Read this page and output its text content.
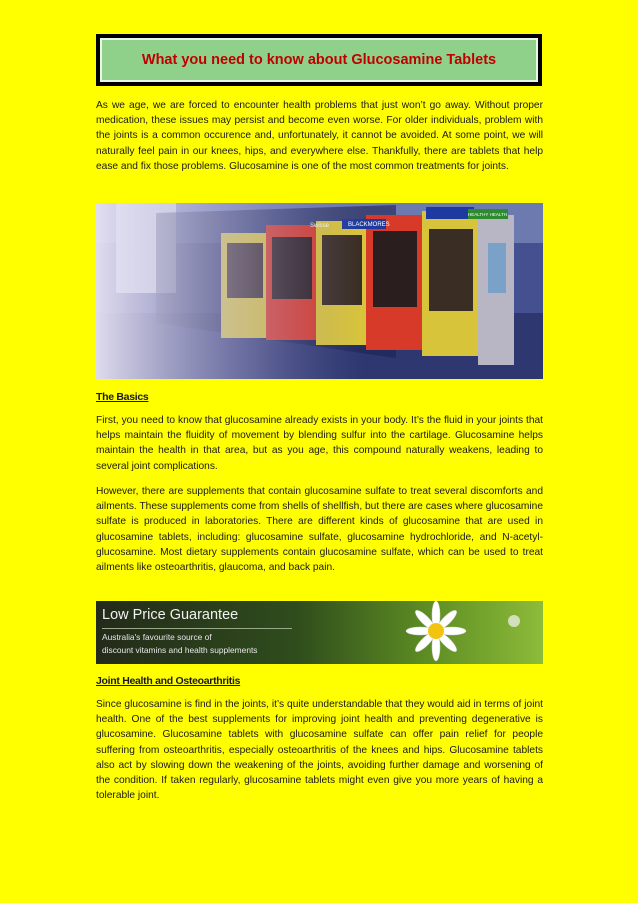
What you need to know about Glucosamine Tablets

As we age, we are forced to encounter health problems that just won’t go away. Without proper medication, these issues may persist and become even worse. For older individuals, problem with the joints is a common occurence and, unfortunately, it cannot be avoided. At some point, we will naturally feel pain in our knees, hips, and everywhere else. Thankfully, there are tablets that help ease and fix those problems. Glucosamine is one of the most common treatments for joints.

The Basics

First, you need to know that glucosamine already exists in your body. It’s the fluid in your joints that helps maintain the fluidity of movement by blending sulfur into the cartilage. Glucosamine helps maintain the health in that area, but as you age, this compound naturally weakens, leading to several joint complications.

However, there are supplements that contain glucosamine sulfate to treat several discomforts and ailments. These supplements come from shells of shellfish, but there are cases where glucosamine sulfate is produced in laboratories. There are different kinds of glucosamine that are used in glucosamine tablets, including: glucosamine sulfate, glucosamine hydrochloride, and N-acetyl-glucosamine. Most dietary supplements contain glucosamine sulfate, which can be used to treat ailments like osteoarthritis, glaucoma, and back pain.

Low Price Guarantee
Australia's favourite source of
discount vitamins and health supplements

Joint Health and Osteoarthritis

Since glucosamine is find in the joints, it’s quite understandable that they would aid in terms of joint health. One of the best supplements for improving joint health and preventing degenerative is glucosamine. Glucosamine tablets with glucosamine sulfate can offer pain relief for people suffering from osteoarthritis, especially osteoarthritis of the knees and hips. Glucosamine tablets also act by slowing down the weakening of the joints, avoiding further damage and worsening of the condition. If taken regularly, glucosamine tablets might even give you more years of having a tolerable joint.
